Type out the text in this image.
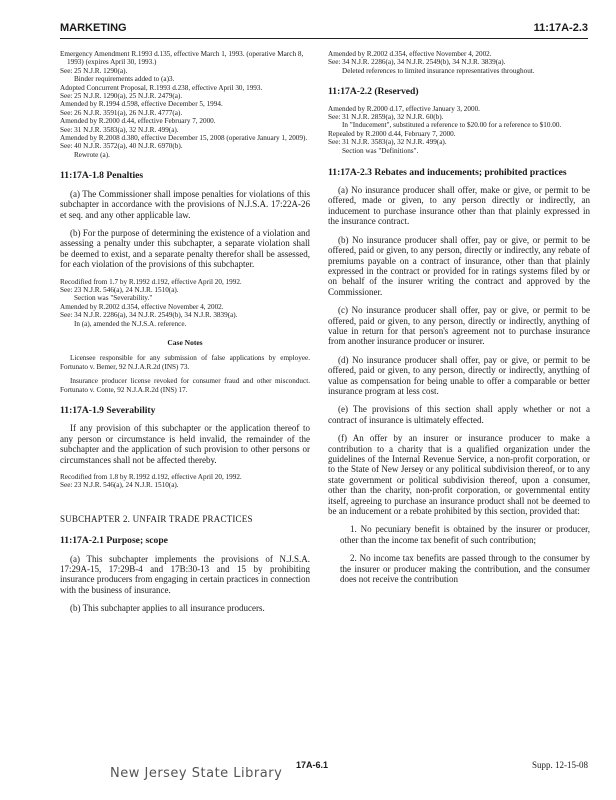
MARKETING	11:17A-2.3
Emergency Amendment R.1993 d.135, effective March 1, 1993. (operative March 8, 1993) (expires April 30, 1993.)
See: 25 N.J.R. 1290(a).
Binder requirements added to (a)3.
Adopted Concurrent Proposal, R.1993 d.238, effective April 30, 1993.
See: 25 N.J.R. 1290(a), 25 N.J.R. 2479(a).
Amended by R.1994 d.598, effective December 5, 1994.
See: 26 N.J.R. 3591(a), 26 N.J.R. 4777(a).
Amended by R.2000 d.44, effective February 7, 2000.
See: 31 N.J.R. 3583(a), 32 N.J.R. 499(a).
Amended by R.2008 d.380, effective December 15, 2008 (operative January 1, 2009).
See: 40 N.J.R. 3572(a), 40 N.J.R. 6970(b).
Rewrote (a).
11:17A-1.8 Penalties

(a) The Commissioner shall impose penalties for violations of this subchapter in accordance with the provisions of N.J.S.A. 17:22A-26 et seq. and any other applicable law.

(b) For the purpose of determining the existence of a violation and assessing a penalty under this subchapter, a separate violation shall be deemed to exist, and a separate penalty therefor shall be assessed, for each violation of the provisions of this subchapter.

Recodified from 1.7 by R.1992 d.192, effective April 20, 1992.
See: 23 N.J.R. 546(a), 24 N.J.R. 1510(a).
Section was "Severability."
Amended by R.2002 d.354, effective November 4, 2002.
See: 34 N.J.R. 2286(a), 34 N.J.R. 2549(b), 34 N.J.R. 3839(a).
In (a), amended the N.J.S.A. reference.
Case Notes

Licensee responsible for any submission of false applications by employee. Fortunato v. Bemer, 92 N.J.A.R.2d (INS) 73.

Insurance producer license revoked for consumer fraud and other misconduct. Fortunato v. Conte, 92 N.J.A.R.2d (INS) 17.

11:17A-1.9 Severability

If any provision of this subchapter or the application thereof to any person or circumstance is held invalid, the remainder of the subchapter and the application of such provision to other persons or circumstances shall not be affected thereby.

Recodified from 1.8 by R.1992 d.192, effective April 20, 1992.
See: 23 N.J.R. 546(a), 24 N.J.R. 1510(a).
SUBCHAPTER 2. UNFAIR TRADE PRACTICES
11:17A-2.1 Purpose; scope

(a) This subchapter implements the provisions of N.J.S.A. 17:29A-15, 17:29B-4 and 17B:30-13 and 15 by prohibiting insurance producers from engaging in certain practices in connection with the business of insurance.

(b) This subchapter applies to all insurance producers.

Amended by R.2002 d.354, effective November 4, 2002.
See: 34 N.J.R. 2286(a), 34 N.J.R. 2549(b), 34 N.J.R. 3839(a).
Deleted references to limited insurance representatives throughout.
11:17A-2.2 (Reserved)
Amended by R.2000 d.17, effective January 3, 2000.
See: 31 N.J.R. 2859(a), 32 N.J.R. 60(b).
In "Inducement", substituted a reference to $20.00 for a reference to $10.00.
Repealed by R.2000 d.44, February 7, 2000.
See: 31 N.J.R. 3583(a), 32 N.J.R. 499(a).
Section was "Definitions".
11:17A-2.3 Rebates and inducements; prohibited practices

(a) No insurance producer shall offer, make or give, or permit to be offered, made or given, to any person directly or indirectly, an inducement to purchase insurance other than that plainly expressed in the insurance contract.

(b) No insurance producer shall offer, pay or give, or permit to be offered, paid or given, to any person, directly or indirectly, any rebate of premiums payable on a contract of insurance, other than that plainly expressed in the contract or provided for in ratings systems filed by or on behalf of the insurer writing the contract and approved by the Commissioner.

(c) No insurance producer shall offer, pay or give, or permit to be offered, paid or given, to any person, directly or indirectly, anything of value in return for that person's agreement not to purchase insurance from another insurance producer or insurer.

(d) No insurance producer shall offer, pay or give, or permit to be offered, paid or given, to any person, directly or indirectly, anything of value as compensation for being unable to offer a comparable or better insurance program at less cost.

(e) The provisions of this section shall apply whether or not a contract of insurance is ultimately effected.

(f) An offer by an insurer or insurance producer to make a contribution to a charity that is a qualified organization under the guidelines of the Internal Revenue Service, a non-profit corporation, or to the State of New Jersey or any political subdivision thereof, or to any state government or political subdivision thereof, upon a consumer, other than the charity, non-profit corporation, or governmental entity itself, agreeing to purchase an insurance product shall not be deemed to be an inducement or a rebate prohibited by this section, provided that:

1. No pecuniary benefit is obtained by the insurer or producer, other than the income tax benefit of such contribution;

2. No income tax benefits are passed through to the consumer by the insurer or producer making the contribution, and the consumer does not receive the contribution

New Jersey State Library
17A-6.1	Supp. 12-15-08
